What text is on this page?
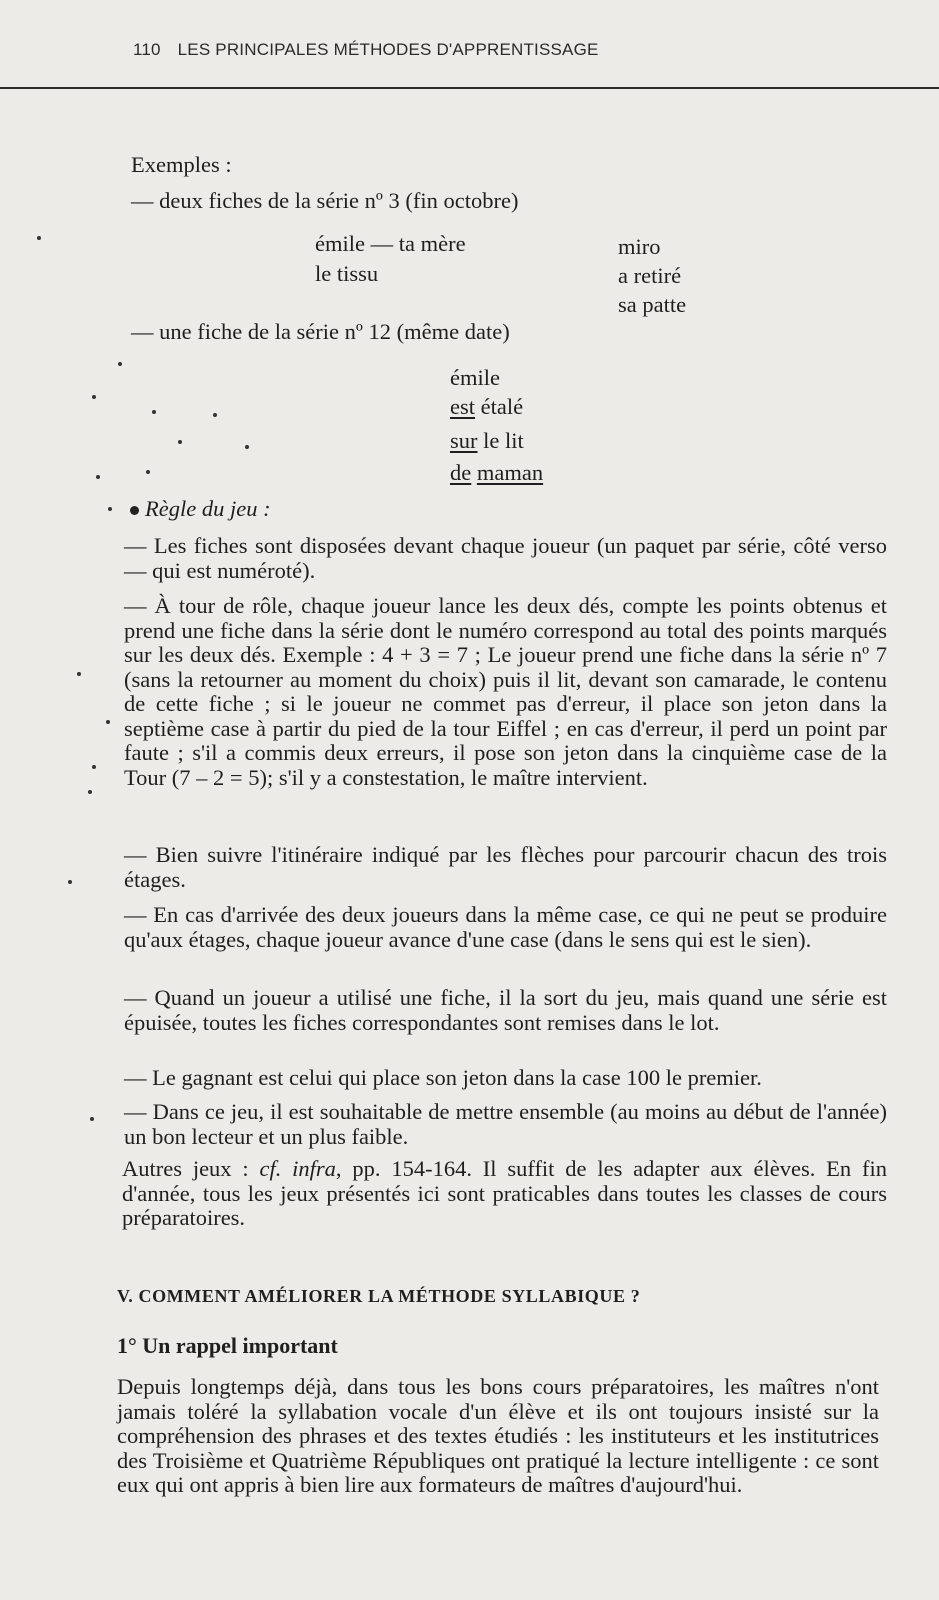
110 LES PRINCIPALES MÉTHODES D'APPRENTISSAGE
Exemples :
— deux fiches de la série nº 3 (fin octobre)
émile — ta mère
le tissu
miro
a retiré
sa patte
— une fiche de la série nº 12 (même date)
émile
est étalé
sur le lit
de maman
Règle du jeu :
— Les fiches sont disposées devant chaque joueur (un paquet par série, côté verso — qui est numéroté).
— À tour de rôle, chaque joueur lance les deux dés, compte les points obtenus et prend une fiche dans la série dont le numéro correspond au total des points marqués sur les deux dés. Exemple : 4 + 3 = 7 ; Le joueur prend une fiche dans la série nº 7 (sans la retourner au moment du choix) puis il lit, devant son camarade, le contenu de cette fiche ; si le joueur ne commet pas d'erreur, il place son jeton dans la septième case à partir du pied de la tour Eiffel ; en cas d'erreur, il perd un point par faute ; s'il a commis deux erreurs, il pose son jeton dans la cinquième case de la Tour (7 – 2 = 5); s'il y a constestation, le maître intervient.
— Bien suivre l'itinéraire indiqué par les flèches pour parcourir chacun des trois étages.
— En cas d'arrivée des deux joueurs dans la même case, ce qui ne peut se produire qu'aux étages, chaque joueur avance d'une case (dans le sens qui est le sien).
— Quand un joueur a utilisé une fiche, il la sort du jeu, mais quand une série est épuisée, toutes les fiches correspondantes sont remises dans le lot.
— Le gagnant est celui qui place son jeton dans la case 100 le premier.
— Dans ce jeu, il est souhaitable de mettre ensemble (au moins au début de l'année) un bon lecteur et un plus faible.
Autres jeux : cf. infra, pp. 154-164. Il suffit de les adapter aux élèves. En fin d'année, tous les jeux présentés ici sont praticables dans toutes les classes de cours préparatoires.
V. COMMENT AMÉLIORER LA MÉTHODE SYLLABIQUE ?
1° Un rappel important
Depuis longtemps déjà, dans tous les bons cours préparatoires, les maîtres n'ont jamais toléré la syllabation vocale d'un élève et ils ont toujours insisté sur la compréhension des phrases et des textes étudiés : les instituteurs et les institutrices des Troisième et Quatrième Républiques ont pratiqué la lecture intelligente : ce sont eux qui ont appris à bien lire aux formateurs de maîtres d'aujourd'hui.
